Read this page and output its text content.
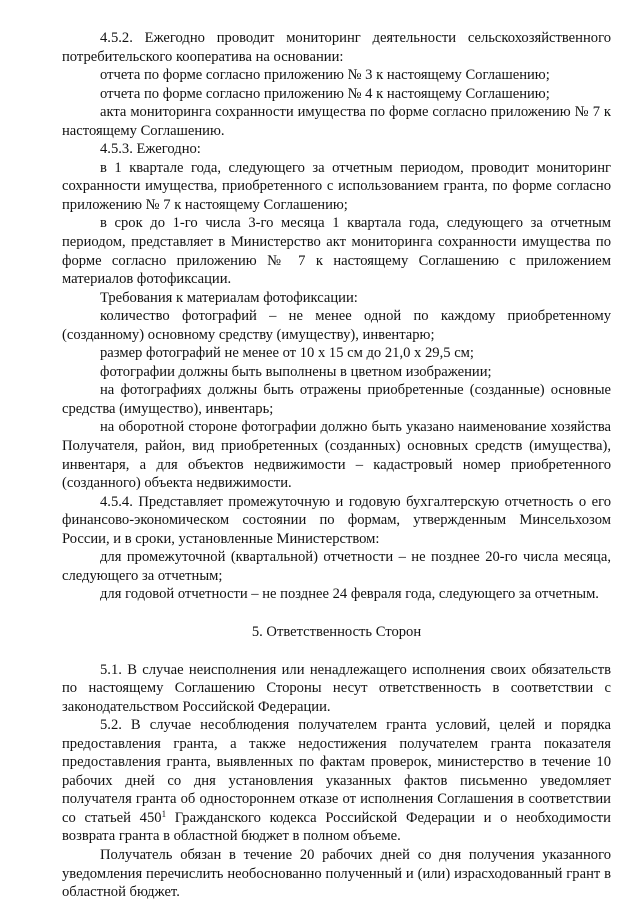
4.5.2. Ежегодно проводит мониторинг деятельности сельскохозяйственного потребительского кооператива на основании:

отчета по форме согласно приложению № 3 к настоящему Соглашению;

отчета по форме согласно приложению № 4 к настоящему Соглашению;

акта мониторинга сохранности имущества по форме согласно приложению № 7 к настоящему Соглашению.

4.5.3. Ежегодно:

в 1 квартале года, следующего за отчетным периодом, проводит мониторинг сохранности имущества, приобретенного с использованием гранта, по форме согласно приложению № 7 к настоящему Соглашению;

в срок до 1-го числа 3-го месяца 1 квартала года, следующего за отчетным периодом, представляет в Министерство акт мониторинга сохранности имущества по форме согласно приложению № 7 к настоящему Соглашению с приложением материалов фотофиксации.

Требования к материалам фотофиксации:

количество фотографий – не менее одной по каждому приобретенному (созданному) основному средству (имуществу), инвентарю;

размер фотографий не менее от 10 х 15 см до 21,0 х 29,5 см;

фотографии должны быть выполнены в цветном изображении;

на фотографиях должны быть отражены приобретенные (созданные) основные средства (имущество), инвентарь;

на оборотной стороне фотографии должно быть указано наименование хозяйства Получателя, район, вид приобретенных (созданных) основных средств (имущества), инвентаря, а для объектов недвижимости – кадастровый номер приобретенного (созданного) объекта недвижимости.

4.5.4. Представляет промежуточную и годовую бухгалтерскую отчетность о его финансово-экономическом состоянии по формам, утвержденным Минсельхозом России, и в сроки, установленные Министерством:

для промежуточной (квартальной) отчетности – не позднее 20-го числа месяца, следующего за отчетным;

для годовой отчетности – не позднее 24 февраля года, следующего за отчетным.

5. Ответственность Сторон

5.1. В случае неисполнения или ненадлежащего исполнения своих обязательств по настоящему Соглашению Стороны несут ответственность в соответствии с законодательством Российской Федерации.

5.2. В случае несоблюдения получателем гранта условий, целей и порядка предоставления гранта, а также недостижения получателем гранта показателя предоставления гранта, выявленных по фактам проверок, министерство в течение 10 рабочих дней со дня установления указанных фактов письменно уведомляет получателя гранта об одностороннем отказе от исполнения Соглашения в соответствии со статьей $450^1$ Гражданского кодекса Российской Федерации и о необходимости возврата гранта в областной бюджет в полном объеме.

Получатель обязан в течение 20 рабочих дней со дня получения указанного уведомления перечислить необоснованно полученный и (или) израсходованный грант в областной бюджет.
